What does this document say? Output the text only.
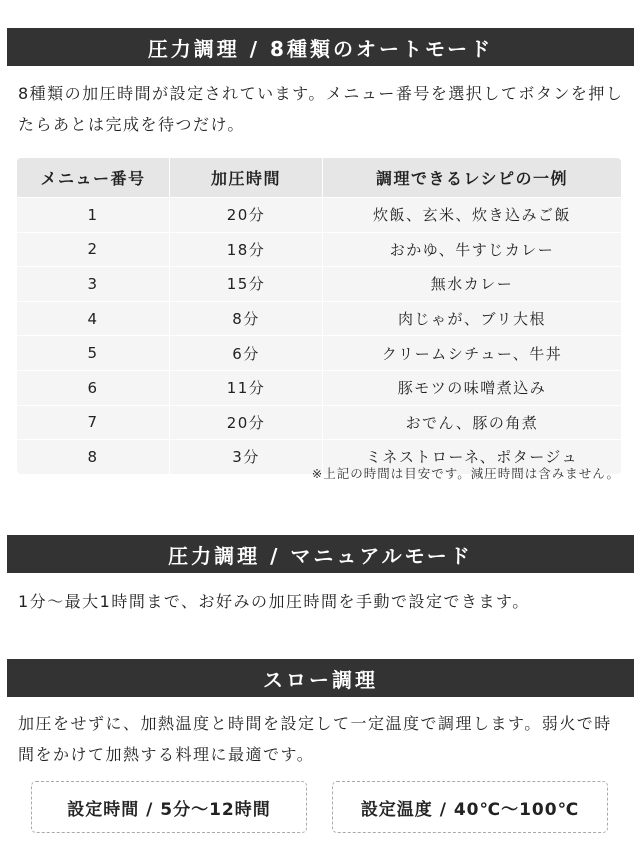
圧力調理 / 8種類のオートモード
8種類の加圧時間が設定されています。メニュー番号を選択してボタンを押したらあとは完成を待つだけ。
メニュー番号	加圧時間	調理できるレシピの一例
1	20分	炊飯、玄米、炊き込みご飯
2	18分	おかゆ、牛すじカレー
3	15分	無水カレー
4	8分	肉じゃが、ブリ大根
5	6分	クリームシチュー、牛丼
6	11分	豚モツの味噌煮込み
7	20分	おでん、豚の角煮
8	3分	ミネストローネ、ポタージュ
※上記の時間は目安です。減圧時間は含みません。
圧力調理 / マニュアルモード
1分～最大1時間まで、お好みの加圧時間を手動で設定できます。
スロー調理
加圧をせずに、加熱温度と時間を設定して一定温度で調理します。弱火で時間をかけて加熱する料理に最適です。
設定時間 / 5分～12時間	設定温度 / 40℃～100℃
